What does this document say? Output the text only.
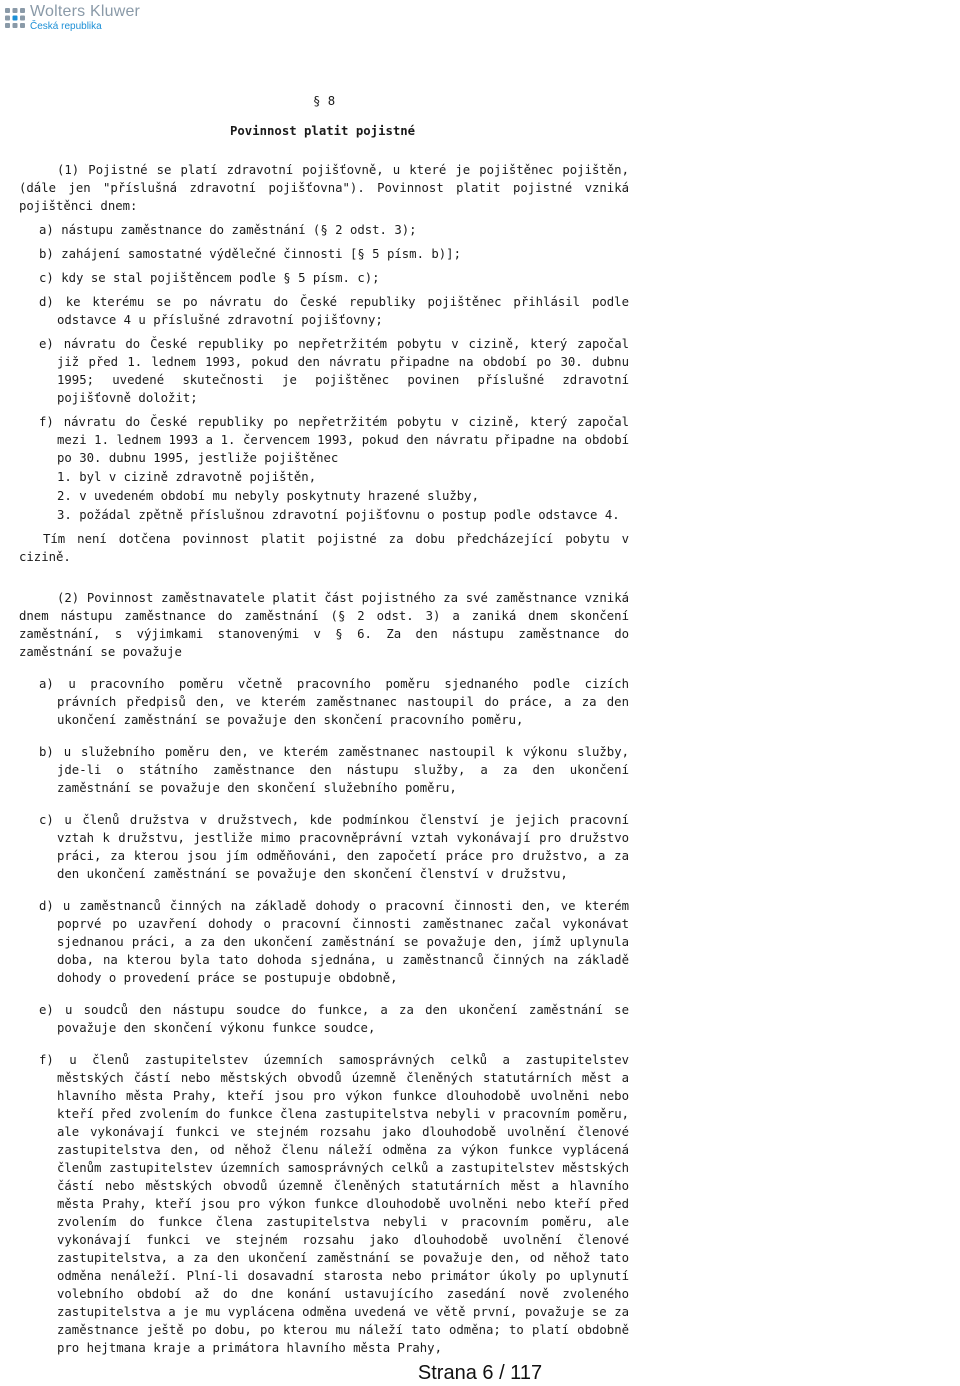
Wolters Kluwer
Česká republika
§ 8
Povinnost platit pojistné

(1) Pojistné se platí zdravotní pojišťovně, u které je pojištěnec pojištěn, (dále jen "příslušná zdravotní pojišťovna"). Povinnost platit pojistné vzniká pojištěnci dnem:

a) nástupu zaměstnance do zaměstnání (§ 2 odst. 3);

b) zahájení samostatné výdělečné činnosti [§ 5 písm. b)];

c) kdy se stal pojištěncem podle § 5 písm. c);

d) ke kterému se po návratu do České republiky pojištěnec přihlásil podle odstavce 4 u příslušné zdravotní pojišťovny;

e) návratu do České republiky po nepřetržitém pobytu v cizině, který započal již před 1. lednem 1993, pokud den návratu připadne na období po 30. dubnu 1995; uvedené skutečnosti je pojištěnec povinen příslušné zdravotní pojišťovně doložit;

f) návratu do České republiky po nepřetržitém pobytu v cizině, který započal mezi 1. lednem 1993 a 1. červencem 1993, pokud den návratu připadne na období po 30. dubnu 1995, jestliže pojištěnec

1. byl v cizině zdravotně pojištěn,

2. v uvedeném období mu nebyly poskytnuty hrazené služby,

3. požádal zpětně příslušnou zdravotní pojišťovnu o postup podle odstavce 4.

Tím není dotčena povinnost platit pojistné za dobu předcházející pobytu v cizině.

(2) Povinnost zaměstnavatele platit část pojistného za své zaměstnance vzniká dnem nástupu zaměstnance do zaměstnání (§ 2 odst. 3) a zaniká dnem skončení zaměstnání, s výjimkami stanovenými v § 6. Za den nástupu zaměstnance do zaměstnání se považuje

a) u pracovního poměru včetně pracovního poměru sjednaného podle cizích právních předpisů den, ve kterém zaměstnanec nastoupil do práce, a za den ukončení zaměstnání se považuje den skončení pracovního poměru,

b) u služebního poměru den, ve kterém zaměstnanec nastoupil k výkonu služby, jde-li o státního zaměstnance den nástupu služby, a za den ukončení zaměstnání se považuje den skončení služebního poměru,

c) u členů družstva v družstvech, kde podmínkou členství je jejich pracovní vztah k družstvu, jestliže mimo pracovněprávní vztah vykonávají pro družstvo práci, za kterou jsou jím odměňováni, den započetí práce pro družstvo, a za den ukončení zaměstnání se považuje den skončení členství v družstvu,

d) u zaměstnanců činných na základě dohody o pracovní činnosti den, ve kterém poprvé po uzavření dohody o pracovní činnosti zaměstnanec začal vykonávat sjednanou práci, a za den ukončení zaměstnání se považuje den, jímž uplynula doba, na kterou byla tato dohoda sjednána, u zaměstnanců činných na základě dohody o provedení práce se postupuje obdobně,

e) u soudců den nástupu soudce do funkce, a za den ukončení zaměstnání se považuje den skončení výkonu funkce soudce,

f) u členů zastupitelstev územních samosprávných celků a zastupitelstev městských částí nebo městských obvodů územně členěných statutárních měst a hlavního města Prahy, kteří jsou pro výkon funkce dlouhodobě uvolněni nebo kteří před zvolením do funkce člena zastupitelstva nebyli v pracovním poměru, ale vykonávají funkci ve stejném rozsahu jako dlouhodobě uvolnění členové zastupitelstva den, od něhož členu náleží odměna za výkon funkce vyplácená členům zastupitelstev územních samosprávných celků a zastupitelstev městských částí nebo městských obvodů územně členěných statutárních měst a hlavního města Prahy, kteří jsou pro výkon funkce dlouhodobě uvolněni nebo kteří před zvolením do funkce člena zastupitelstva nebyli v pracovním poměru, ale vykonávají funkci ve stejném rozsahu jako dlouhodobě uvolnění členové zastupitelstva, a za den ukončení zaměstnání se považuje den, od něhož tato odměna nenáleží. Plní-li dosavadní starosta nebo primátor úkoly po uplynutí volebního období až do dne konání ustavujícího zasedání nově zvoleného zastupitelstva a je mu vyplácena odměna uvedená ve větě první, považuje se za zaměstnance ještě po dobu, po kterou mu náleží tato odměna; to platí obdobně pro hejtmana kraje a primátora hlavního města Prahy,

Strana 6 / 117
